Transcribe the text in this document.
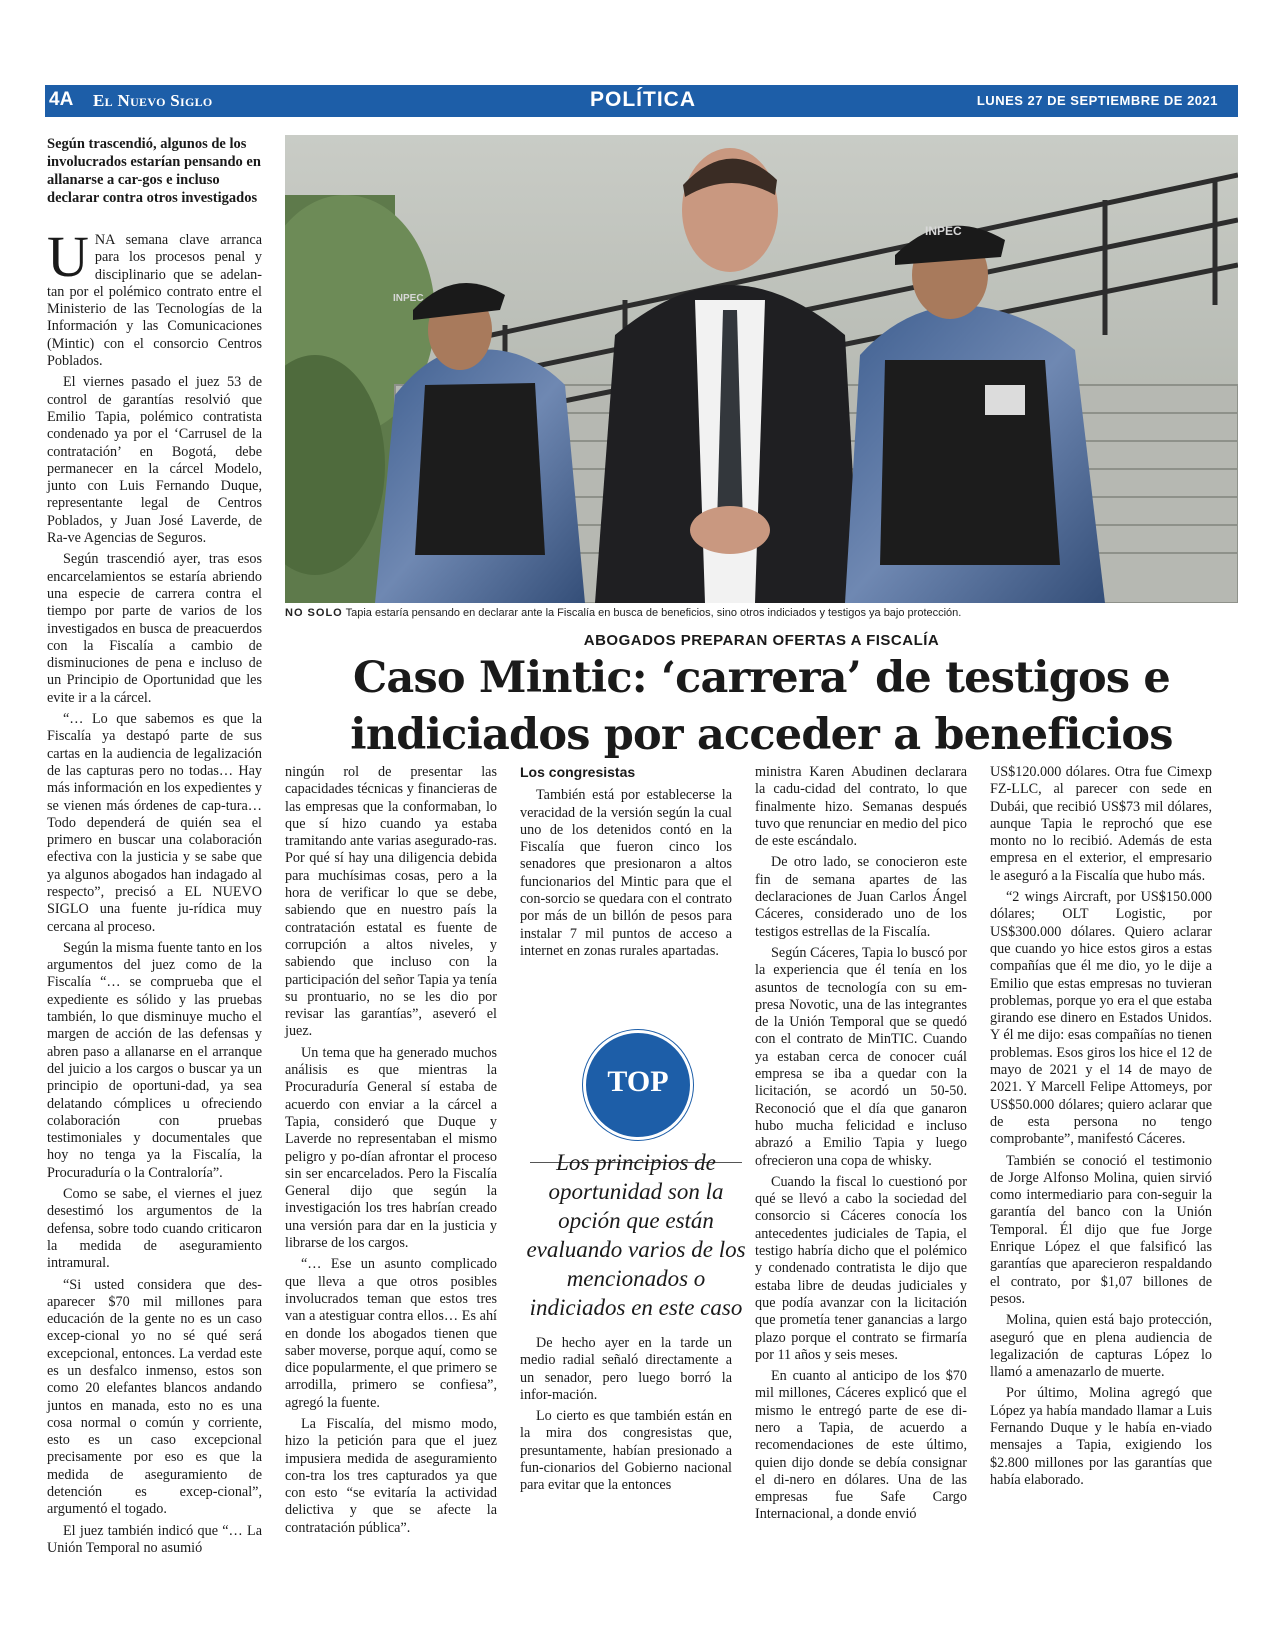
4A El Nuevo Siglo	POLÍTICA	LUNES 27 DE SEPTIEMBRE DE 2021
Según trascendió, algunos de los involucrados estarían pensando en allanarse a car-gos e incluso declarar contra otros investigados

UNA semana clave arranca para los procesos penal y disciplinario que se adelan-tan por el polémico contrato entre el Ministerio de las Tecnologías de la Información y las Comunicaciones (Mintic) con el consorcio Centros Poblados.

El viernes pasado el juez 53 de control de garantías resolvió que Emilio Tapia, polémico contratista condenado ya por el ‘Carrusel de la contratación’ en Bogotá, debe permanecer en la cárcel Modelo, junto con Luis Fernando Duque, representante legal de Centros Poblados, y Juan José Laverde, de Ra-ve Agencias de Seguros.

Según trascendió ayer, tras esos encarcelamientos se estaría abriendo una especie de carrera contra el tiempo por parte de varios de los investigados en busca de preacuerdos con la Fiscalía a cambio de disminuciones de pena e incluso de un Principio de Oportunidad que les evite ir a la cárcel.

“… Lo que sabemos es que la Fiscalía ya destapó parte de sus cartas en la audiencia de legalización de las capturas pero no todas… Hay más información en los expedientes y se vienen más órdenes de cap-tura… Todo dependerá de quién sea el primero en buscar una colaboración efectiva con la justicia y se sabe que ya algunos abogados han indagado al respecto”, precisó a EL NUEVO SIGLO una fuente ju-rídica muy cercana al proceso.

Según la misma fuente tanto en los argumentos del juez como de la Fiscalía “… se comprueba que el expediente es sólido y las pruebas también, lo que disminuye mucho el margen de acción de las defensas y abren paso a allanarse en el arranque del juicio a los cargos o buscar ya un principio de oportuni-dad, ya sea delatando cómplices u ofreciendo colaboración con pruebas testimoniales y documentales que hoy no tenga ya la Fiscalía, la Procuraduría o la Contraloría”.

Como se sabe, el viernes el juez desestimó los argumentos de la defensa, sobre todo cuando criticaron la medida de aseguramiento intramural.

“Si usted considera que des-aparecer $70 mil millones para educación de la gente no es un caso excep-cional yo no sé qué será excepcional, entonces. La verdad este es un desfalco inmenso, estos son como 20 elefantes blancos andando juntos en manada, esto no es una cosa normal o común y corriente, esto es un caso excepcional precisamente por eso es que la medida de aseguramiento de detención es excep-cional”, argumentó el togado.

El juez también indicó que “… La Unión Temporal no asumió

INPEC
INPEC
NO SOLO Tapia estaría pensando en declarar ante la Fiscalía en busca de beneficios, sino otros indiciados y testigos ya bajo protección.
ABOGADOS PREPARAN OFERTAS A FISCALÍA
Caso Mintic: ‘carrera’ de testigos e
indiciados por acceder a beneficios

ningún rol de presentar las capacidades técnicas y financieras de las empresas que la conformaban, lo que sí hizo cuando ya estaba tramitando ante varias asegurado-ras. Por qué sí hay una diligencia debida para muchísimas cosas, pero a la hora de verificar lo que se debe, sabiendo que en nuestro país la contratación estatal es fuente de corrupción a altos niveles, y sabiendo que incluso con la participación del señor Tapia ya tenía su prontuario, no se les dio por revisar las garantías”, aseveró el juez.

Un tema que ha generado muchos análisis es que mientras la Procuraduría General sí estaba de acuerdo con enviar a la cárcel a Tapia, consideró que Duque y Laverde no representaban el mismo peligro y po-dían afrontar el proceso sin ser encarcelados. Pero la Fiscalía General dijo que según la investigación los tres habrían creado una versión para dar en la justicia y librarse de los cargos.

“… Ese un asunto complicado que lleva a que otros posibles involucrados teman que estos tres van a atestiguar contra ellos… Es ahí en donde los abogados tienen que saber moverse, porque aquí, como se dice popularmente, el que primero se arrodilla, primero se confiesa”, agregó la fuente.

La Fiscalía, del mismo modo, hizo la petición para que el juez impusiera medida de aseguramiento con-tra los tres capturados ya que con esto “se evitaría la actividad delictiva y que se afecte la contratación pública”.

Los congresistas

También está por establecerse la veracidad de la versión según la cual uno de los detenidos contó en la Fiscalía que fueron cinco los senadores que presionaron a altos funcionarios del Mintic para que el con-sorcio se quedara con el contrato por más de un billón de pesos para instalar 7 mil puntos de acceso a internet en zonas rurales apartadas.

TOP
Los principios de oportunidad son la opción que están evaluando varios de los mencionados o indiciados en este caso

De hecho ayer en la tarde un medio radial señaló directamente a un senador, pero luego borró la infor-mación.

Lo cierto es que también están en la mira dos congresistas que, presuntamente, habían presionado a fun-cionarios del Gobierno nacional para evitar que la entonces

ministra Karen Abudinen declarara la cadu-cidad del contrato, lo que finalmente hizo. Semanas después tuvo que renunciar en medio del pico de este escándalo.

De otro lado, se conocieron este fin de semana apartes de las declaraciones de Juan Carlos Ángel Cáceres, considerado uno de los testigos estrellas de la Fiscalía.

Según Cáceres, Tapia lo buscó por la experiencia que él tenía en los asuntos de tecnología con su em-presa Novotic, una de las integrantes de la Unión Temporal que se quedó con el contrato de MinTIC. Cuando ya estaban cerca de conocer cuál empresa se iba a quedar con la licitación, se acordó un 50-50. Reconoció que el día que ganaron hubo mucha felicidad e incluso abrazó a Emilio Tapia y luego ofrecieron una copa de whisky.

Cuando la fiscal lo cuestionó por qué se llevó a cabo la sociedad del consorcio si Cáceres conocía los antecedentes judiciales de Tapia, el testigo habría dicho que el polémico y condenado contratista le dijo que estaba libre de deudas judiciales y que podía avanzar con la licitación que prometía tener ganancias a largo plazo porque el contrato se firmaría por 11 años y seis meses.

En cuanto al anticipo de los $70 mil millones, Cáceres explicó que el mismo le entregó parte de ese di-nero a Tapia, de acuerdo a recomendaciones de este último, quien dijo donde se debía consignar el di-nero en dólares. Una de las empresas fue Safe Cargo Internacional, a donde envió

US$120.000 dólares. Otra fue Cimexp FZ-LLC, al parecer con sede en Dubái, que recibió US$73 mil dólares, aunque Tapia le reprochó que ese monto no lo recibió. Además de esta empresa en el exterior, el empresario le aseguró a la Fiscalía que hubo más.

“2 wings Aircraft, por US$150.000 dólares; OLT Logistic, por US$300.000 dólares. Quiero aclarar que cuando yo hice estos giros a estas compañías que él me dio, yo le dije a Emilio que estas empresas no tuvieran problemas, porque yo era el que estaba girando ese dinero en Estados Unidos. Y él me dijo: esas compañías no tienen problemas. Esos giros los hice el 12 de mayo de 2021 y el 14 de mayo de 2021. Y Marcell Felipe Attomeys, por US$50.000 dólares; quiero aclarar que de esta persona no tengo comprobante”, manifestó Cáceres.

También se conoció el testimonio de Jorge Alfonso Molina, quien sirvió como intermediario para con-seguir la garantía del banco con la Unión Temporal. Él dijo que fue Jorge Enrique López el que falsificó las garantías que aparecieron respaldando el contrato, por $1,07 billones de pesos.

Molina, quien está bajo protección, aseguró que en plena audiencia de legalización de capturas López lo llamó a amenazarlo de muerte.

Por último, Molina agregó que López ya había mandado llamar a Luis Fernando Duque y le había en-viado mensajes a Tapia, exigiendo los $2.800 millones por las garantías que había elaborado.
